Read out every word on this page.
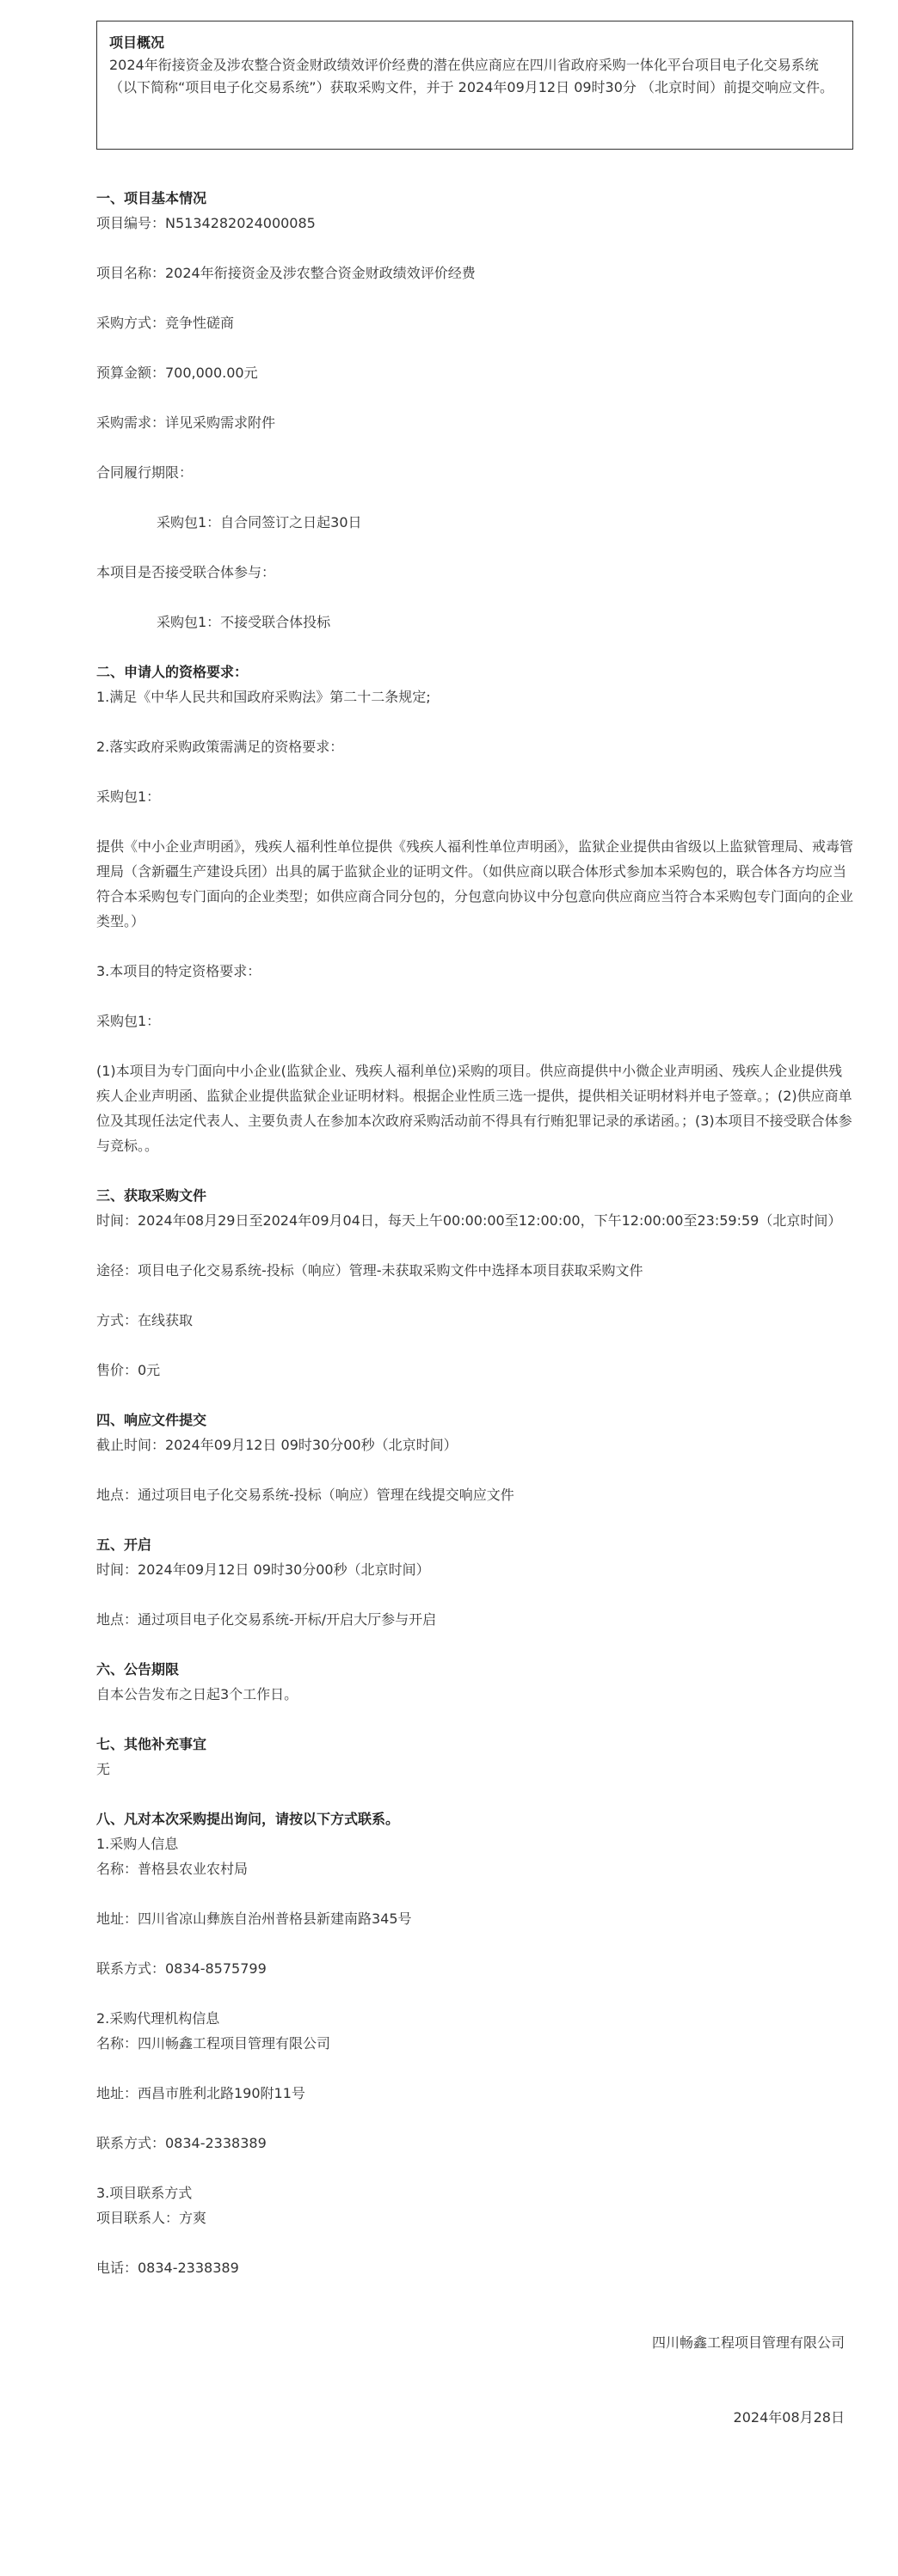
项目概况
2024年衔接资金及涉农整合资金财政绩效评价经费的潜在供应商应在四川省政府采购一体化平台项目电子化交易系统（以下简称“项目电子化交易系统”）获取采购文件，并于 2024年09月12日 09时30分 （北京时间）前提交响应文件。
一、项目基本情况
项目编号：N5134282024000085
项目名称：2024年衔接资金及涉农整合资金财政绩效评价经费
采购方式：竞争性磋商
预算金额：700,000.00元
采购需求：详见采购需求附件
合同履行期限：
采购包1：自合同签订之日起30日
本项目是否接受联合体参与：
采购包1：不接受联合体投标
二、申请人的资格要求：
1.满足《中华人民共和国政府采购法》第二十二条规定;
2.落实政府采购政策需满足的资格要求：
采购包1：
提供《中小企业声明函》，残疾人福利性单位提供《残疾人福利性单位声明函》，监狱企业提供由省级以上监狱管理局、戒毒管理局（含新疆生产建设兵团）出具的属于监狱企业的证明文件。（如供应商以联合体形式参加本采购包的，联合体各方均应当符合本采购包专门面向的企业类型；如供应商合同分包的，分包意向协议中分包意向供应商应当符合本采购包专门面向的企业类型。）
3.本项目的特定资格要求：
采购包1：
(1)本项目为专门面向中小企业(监狱企业、残疾人福利单位)采购的项目。供应商提供中小微企业声明函、残疾人企业提供残疾人企业声明函、监狱企业提供监狱企业证明材料。根据企业性质三选一提供，提供相关证明材料并电子签章。；(2)供应商单位及其现任法定代表人、主要负责人在参加本次政府采购活动前不得具有行贿犯罪记录的承诺函。；(3)本项目不接受联合体参与竞标。。
三、获取采购文件
时间：2024年08月29日至2024年09月04日，每天上午00:00:00至12:00:00，下午12:00:00至23:59:59（北京时间）
途径：项目电子化交易系统-投标（响应）管理-未获取采购文件中选择本项目获取采购文件
方式：在线获取
售价：0元
四、响应文件提交
截止时间：2024年09月12日 09时30分00秒（北京时间）
地点：通过项目电子化交易系统-投标（响应）管理在线提交响应文件
五、开启
时间：2024年09月12日 09时30分00秒（北京时间）
地点：通过项目电子化交易系统-开标/开启大厅参与开启
六、公告期限
自本公告发布之日起3个工作日。
七、其他补充事宜
无
八、凡对本次采购提出询问，请按以下方式联系。
1.采购人信息
名称：普格县农业农村局
地址：四川省凉山彝族自治州普格县新建南路345号
联系方式：0834-8575799
2.采购代理机构信息
名称：四川畅鑫工程项目管理有限公司
地址：西昌市胜利北路190附11号
联系方式：0834-2338389
3.项目联系方式
项目联系人：方爽
电话：0834-2338389
四川畅鑫工程项目管理有限公司
2024年08月28日
